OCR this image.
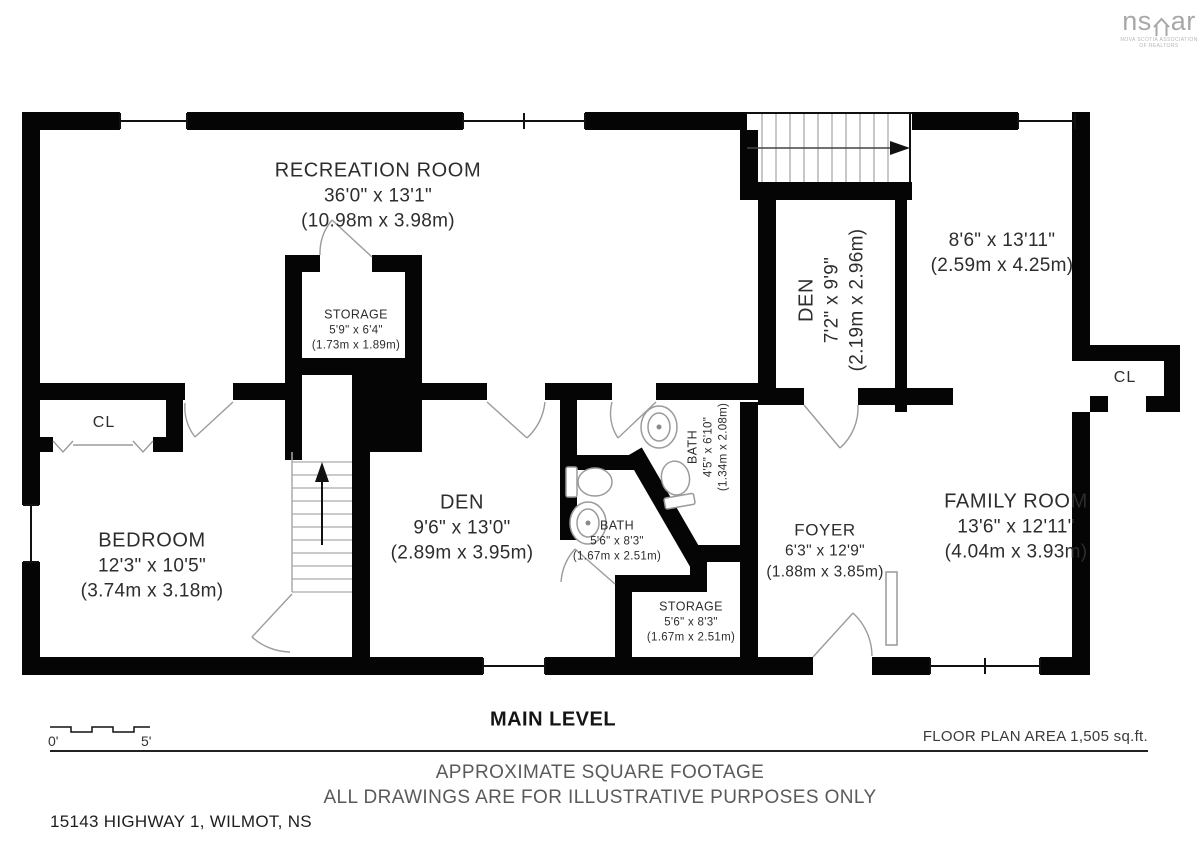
RECREATION ROOM
36'0" x 13'1"
(10.98m x 3.98m)
STORAGE
5'9" x 6'4"
(1.73m x 1.89m)
DEN 7'2" x 9'9" (2.19m x 2.96m)	8'6" x 13'11"
(2.59m x 4.25m)
CL
CL
BEDROOM
12'3" x 10'5"
(3.74m x 3.18m)
DEN
9'6" x 13'0"
(2.89m x 3.95m)
BATH 4'5" x 6'10" (1.34m x 2.08m)
BATH
5'6" x 8'3"
(1.67m x 2.51m)
STORAGE
5'6" x 8'3"
(1.67m x 2.51m)
FOYER
6'3" x 12'9"
(1.88m x 3.85m)
FAMILY ROOM
13'6" x 12'11"
(4.04m x 3.93m)
ns ar
NOVA SCOTIA ASSOCIATION
OF REALTORS
MAIN LEVEL
0'	5'	FLOOR PLAN AREA 1,505 sq.ft.
APPROXIMATE SQUARE FOOTAGE
ALL DRAWINGS ARE FOR ILLUSTRATIVE PURPOSES ONLY
15143 HIGHWAY 1, WILMOT, NS
